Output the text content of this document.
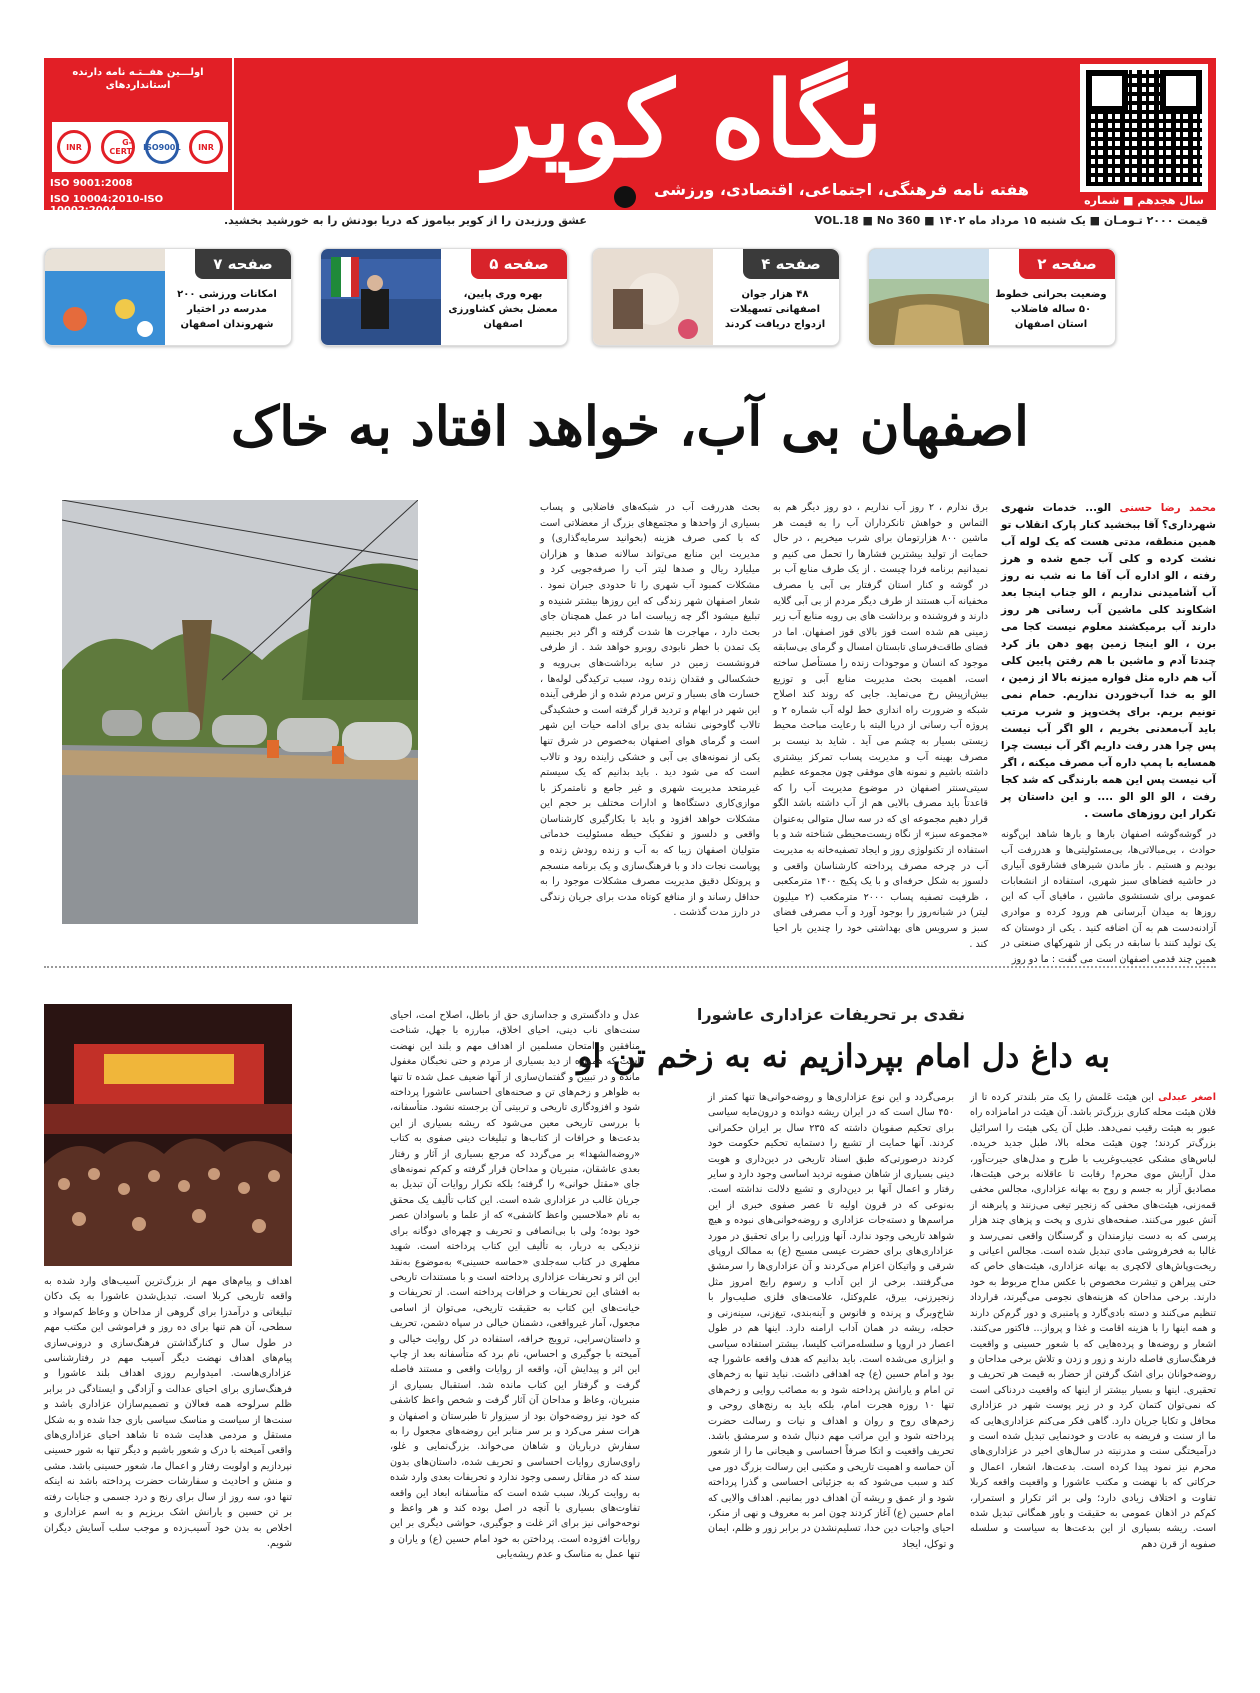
سال هجدهم ■ شماره ۳۶۰
نگاه کویر
هفته نامه فرهنگی، اجتماعی، اقتصادی، ورزشی
اولـــین هفــتـه نامه دارنده استانداردهای
INR
ISO9001
G-CERT
INR
ISO 9001:2008
ISO 10004:2010-ISO 10002:2004
قیمت ۲۰۰۰ تـومـان ■ یک شنبه ۱۵ مرداد ماه ۱۴۰۲ ■ VOL.18 ■ No 360
عشق ورزیدن را از کویر بیاموز که دریا بودنش را به خورشید بخشید.
صفحه ۲
وضعیت بحرانی خطوط ۵۰ ساله فاضلاب استان اصفهان
صفحه ۴
۴۸ هزار جوان اصفهانی تسهیلات ازدواج دریافت کردند
صفحه ۵
بهره وری پایین، معضل بخش کشاورزی اصفهان
صفحه ۷
امکانات ورزشی ۲۰۰ مدرسه در اختیار شهروندان اصفهان
اصفهان بی آب، خواهد افتاد به خاک

محمد رضا حسنی الو... خدمات شهری شهرداری؟ آقا ببخشید کنار پارک انقلاب تو همین منطقه، مدتی هست که یک لوله آب نشت کرده و کلی آب جمع شده و هرز رفته ، الو اداره آب آقا ما نه شب نه روز آب آشامیدنی نداریم ، الو جناب اینجا بعد اشکاوند کلی ماشین آب رسانی هر روز دارند آب برمیکشند معلوم نیست کجا می برن ، الو اینجا زمین پهو دهن باز کرد چندتا آدم و ماشین با هم رفتن پایین کلی آب هم داره مثل فواره میزنه بالا از زمین ، الو به خدا آب‌خوردن نداریم. حمام نمی تونیم بریم. برای پخت‌وپز و شرب مرتب باید آب‌معدنی بخریم ، الو اگر آب نیست پس چرا هدر رفت داریم اگر آب نیست چرا همسایه با پمپ داره آب مصرف میکنه ، اگر آب نیست پس این همه بارندگی که شد کجا رفت ، الو الو الو .... و این داستان پر تکرار این روزهای ماست .

در گوشه‌گوشه اصفهان بارها و بارها شاهد این‌گونه حوادث ، بی‌مبالاتی‌ها، بی‌مسئولیتی‌ها و هدررفت آب بودیم و هستیم . باز ماندن شیرهای فشارقوی آبیاری در حاشیه فضاهای سبز شهری، استفاده از انشعابات عمومی برای شستشوی ماشین ، مافیای آب که این روزها به میدان آبرسانی هم ورود کرده و موادری آزادنه‌دست هم به آن اضافه کنید . یکی از دوستان که یک تولید کنند با سابقه در یکی از شهرکهای صنعتی در همین چند قدمی اصفهان است می گفت : ما دو روز

برق ندارم ، ۲ روز آب نداریم ، دو روز دیگر هم به التماس و خواهش تانکرداران آب را به قیمت هر ماشین ۸۰۰ هزارتومان برای شرب میخریم ، در حال حمایت از تولید بیشترین فشارها را تحمل می کنیم و نمیدانیم برنامه فردا چیست . از یک طرف منابع آب بر در گوشه و کنار استان گرفتار بی آبی یا مصرف مخفیانه آب هستند از طرف دیگر مردم از بی آبی گلایه دارند و فروشنده و برداشت های بی رویه منابع آب زیر زمینی هم شده است قوز بالای قوز اصفهان. اما در فضای طاقت‌فرسای تابستان امسال و گرمای بی‌سابقه موجود که انسان و موجودات زنده را مستأصل ساخته است، اهمیت بحث مدیریت منابع آبی و توزیع بیش‌ازپیش رخ می‌نماید. جایی که روند کند اصلاح شبکه و ضرورت راه اندازی خط لوله آب شماره ۲ و پروژه آب رسانی از دریا البته با رعایت مباحث محیط زیستی بسیار به چشم می آید . شاید بد نیست بر مصرف بهینه آب و مدیریت پساب تمرکز بیشتری داشته باشیم و نمونه های موفقی چون مجموعه عظیم سیتی‌سنتر اصفهان در موضوع مدیریت آب را که قاعدتاً باید مصرف بالایی هم از آب داشته باشد الگو قرار دهیم مجموعه ای که در سه سال متوالی به‌عنوان «مجموعه سبز» از نگاه زیست‌محیطی شناخته شد و با استفاده از تکنولوژی روز و ایجاد تصفیه‌خانه به مدیریت آب در چرخه مصرف پرداخته کارشناسان واقعی و دلسوز به شکل حرفه‌ای و با یک پکیج ۱۴۰۰ مترمکعبی ، ظرفیت تصفیه پساب ۲۰۰۰ مترمکعب (۲ میلیون لیتر) در شبانه‌روز را بوجود آورد و آب مصرفی فضای سبز و سرویس های بهداشتی خود را چندین بار احیا کند .

بحث هدررفت آب در شبکه‌های فاضلابی و پساب بسیاری از واحدها و مجتمع‌های بزرگ از معضلاتی است که با کمی صرف هزینه (بخوانید سرمایه‌گذاری) و مدیریت این منابع می‌تواند سالانه صدها و هزاران میلیارد ریال و صدها لیتر آب را صرفه‌جویی کرد و مشکلات کمبود آب شهری را تا حدودی جبران نمود . شعار اصفهان شهر زندگی که این روزها بیشتر شنیده و تبلیغ میشود اگر چه زیباست اما در عمل همچنان جای بحث دارد ، مهاجرت ها شدت گرفته و اگر دیر بجنبیم یک تمدن با خطر نابودی روبرو خواهد شد . از طرفی فرونشست زمین در سایه برداشت‌های بی‌رویه و خشکسالی و فقدان زنده رود، سبب ترکیدگی لوله‌ها ، خسارت های بسیار و ترس مردم شده و از طرفی آینده این شهر در ابهام و تردید قرار گرفته است و خشکیدگی تالاب گاوخونی نشانه بدی برای ادامه حیات این شهر است و گرمای هوای اصفهان به‌خصوص در شرق تنها یکی از نمونه‌های بی آبی و خشکی زاینده رود و تالاب است که می شود دید . باید بدانیم که یک سیستم غیرمتحد مدیریت شهری و غیر جامع و نامتمرکز با موازی‌کاری دستگاه‌ها و ادارات مختلف بر حجم این مشکلات خواهد افزود و باید با بکارگیری کارشناسان واقعی و دلسوز و تفکیک حیطه مسئولیت خدماتی متولیان اصفهان زیبا که به آب و زنده رودش زنده و پویاست نجات داد و با فرهنگ‌سازی و یک برنامه منسجم و پروتکل دقیق مدیریت مصرف مشکلات موجود را به حداقل رساند و از منافع کوتاه مدت برای جریان زندگی در دارز مدت گذشت .

نقدی بر تحریفات عزاداری عاشورا
به داغ دل امام بپردازیم نه به زخم تن او

اصغر عبدلی این هیئت عَلمش را یک متر بلندتر کرده تا از فلان هیئت محله کناری بزرگ‌تر باشد. آن هیئت در امامزاده راه عبور به هیئت رقیب نمی‌دهد. طبل آن یکی هیئت را اسرائیل بزرگ‌تر کردند؛ چون هیئت محله بالا، طبل جدید خریده. لباس‌های مشکی عجیب‌وغریب با طرح و مدل‌های حیرت‌آور، مدل آرایش موی محرم! رقابت تا عاقلانه برخی هیئت‌ها، مصادیق آزار به جسم و روح به بهانه عزاداری، مجالس مخفی قمه‌زنی، هیئت‌های مخفی که زنجیر تیغی می‌زنند و پابرهنه از آتش عبور می‌کنند. صفحه‌های نذری و پخت و پزهای چند هزار پرسی که به دست نیازمندان و گرسنگان واقعی نمی‌رسد و غالبا به فخرفروشی مادی تبدیل شده است. مجالس اعیانی و ریخت‌وپاش‌های لاکچری به بهانه عزاداری، هیئت‌های خاص که حتی پیراهن و تیشرت مخصوص با عکس مداح مربوط به خود دارند. برخی مداحان که هزینه‌های نجومی می‌گیرند، قرارداد تنظیم می‌کنند و دسته بادی‌گارد و پامنبری و دور گرم‌کن دارند و همه اینها را با هزینه اقامت و غذا و پرواز... فاکتور می‌کنند. اشعار و روضه‌ها و پرده‌هایی که با شعور حسینی و واقعیت فرهنگ‌سازی فاصله دارند و زور و زدن و تلاش برخی مداحان و روضه‌خوانان برای اشک گرفتن از حضار به قیمت هر تحریف و تحقیری. اینها و بسیار بیشتر از اینها که واقعیت دردناکی است که نمی‌توان کتمان کرد و در زیر پوست شهر در عزاداری محافل و تکایا جریان دارد. گاهی فکر می‌کنم عزاداری‌هایی که ما از سنت و فریضه به عادت و خودنمایی تبدیل شده است و درآمیختگی سنت و مدرنیته در سال‌های اخیر در عزاداری‌های محرم نیز نمود پیدا کرده است. بدعت‌ها، اشعار، اعمال و حرکاتی که با نهضت و مکتب عاشورا و واقعیت واقعه کربلا تفاوت و اختلاف زیادی دارد؛ ولی بر اثر تکرار و استمرار، کم‌کم در اذهان عمومی به حقیقت و باور همگانی تبدیل شده است. ریشه بسیاری از این بدعت‌ها به سیاست و سلسله صفویه از قرن دهم

برمی‌گردد و این نوع عزاداری‌ها و روضه‌خوانی‌ها تنها کمتر از ۴۵۰ سال است که در ایران ریشه دوانده و درون‌مایه سیاسی برای تحکیم صفویان داشته که ۲۳۵ سال بر ایران حکمرانی کردند. آنها حمایت از تشیع را دستمایه تحکیم حکومت خود کردند درصورتی‌که طبق اسناد تاریخی در دین‌داری و هویت دینی بسیاری از شاهان صفویه تردید اساسی وجود دارد و سایر رفتار و اعمال آنها بر دین‌داری و تشیع دلالت نداشته است. به‌نوعی که در قرون اولیه تا عصر صفوی خبری از این مراسم‌ها و دسته‌جات عزاداری و روضه‌خوانی‌های نبوده و هیچ شواهد تاریخی وجود ندارد. آنها وزرایی را برای تحقیق در مورد عزاداری‌های برای حضرت عیسی مسیح (ع) به ممالک اروپای شرقی و واتیکان اعزام می‌کردند و آن عزاداری‌ها را سرمشق می‌گرفتند. برخی از این آداب و رسوم رایج امروز مثل زنجیرزنی، بیرق، علم‌وکتل، علامت‌های فلزی صلیب‌وار با شاخ‌وبرگ و پرنده و فانوس و آینه‌بندی، تیغ‌زنی، سینه‌زنی و حجله، ریشه در همان آداب ارامنه دارد. اینها هم در طول اعصار در اروپا و سلسله‌مراتب کلیسا، بیشتر استفاده سیاسی و ابزاری می‌شده است. باید بدانیم که هدف واقعه عاشورا چه بود و امام حسین (ع) چه اهدافی داشت. نباید تنها به زخم‌های تن امام و یارانش پرداخته شود و به مصائب روایی و زخم‌های تنها ۱۰ روزه هجرت امام، بلکه باید به رنج‌های روحی و زخم‌های روح و روان و اهداف و نیات و رسالت حضرت پرداخته شود و این مراتب مهم دنبال شده و سرمشق باشد. تحریف واقعیت و اتکا صرفاً احساسی و هیجانی ما را از شعور آن حماسه و اهمیت تاریخی و مکتبی این رسالت بزرگ دور می کند و سبب می‌شود که به جزئیاتی احساسی و گذرا پرداخته شود و از عمق و ریشه آن اهداف دور بمانیم. اهداف والایی که امام حسین (ع) آغاز کردند چون امر به معروف و نهی از منکر، احیای واجبات دین خدا، تسلیم‌نشدن در برابر زور و ظلم، ایمان و توکل، ایجاد

عدل و دادگستری و جداسازی حق از باطل، اصلاح امت، احیای سنت‌های ناب دینی، احیای اخلاق، مبارزه با جهل، شناخت منافقین و امتحان مسلمین از اهداف مهم و بلند این نهضت است که همواره از دید بسیاری از مردم و حتی نخبگان مغفول مانده و در تبیین و گفتمان‌سازی از آنها ضعیف عمل شده تا تنها به ظواهر و زخم‌های تن و صحنه‌های احساسی عاشورا پرداخته شود و افزودگاری تاریخی و تربیتی آن برجسته نشود. متأسفانه، با بررسی تاریخی معین می‌شود که ریشه بسیاری از این بدعت‌ها و خرافات از کتاب‌ها و تبلیغات دینی صفوی به کتاب «روضه‌الشهدا» بر می‌گردد که مرجع بسیاری از آثار و رفتار بعدی عاشقان، منبریان و مداحان قرار گرفته و کم‌کم نمونه‌های جای «مقتل خوانی» را گرفته؛ بلکه تکرار روایات آن تبدیل به جریان غالب در عزاداری شده است. این کتاب تألیف یک محقق به نام «ملاحسین واعظ کاشفی» که از علما و باسوادان عصر خود بوده؛ ولی با بی‌انصافی و تحریف و چهره‌ای دوگانه برای نزدیکی به دربار، به تألیف این کتاب پرداخته است. شهید مطهری در کتاب سه‌جلدی «حماسه حسینی» به‌موضوع به‌نقد این اثر و تحریفات عزاداری پرداخته است و با مستندات تاریخی به افشای این تحریفات و خرافات پرداخته است. از تحریفات و خیانت‌های این کتاب به حقیقت تاریخی، می‌توان از اسامی مجعول، آمار غیرواقعی، دشمنان خیالی در سپاه دشمن، تحریف و داستان‌سرایی، ترویج خرافه، استفاده در کل روایت خیالی و آمیخته با جوگیری و احساس، نام برد که متأسفانه بعد از چاپ این اثر و پیدایش آن، واقعه از روایات واقعی و مستند فاصله گرفت و گرفتار این کتاب مانده شد. استقبال بسیاری از منبریان، وعاظ و مداحان آن آثار گرفت و شخص واعظ کاشفی که خود نیز روضه‌خوان بود از سیزوار تا طبرستان و اصفهان و هرات سفر می‌کرد و بر سر منابر این روضه‌های مجعول را به سفارش درباریان و شاهان می‌خواند. بزرگ‌نمایی و غلو، راوی‌سازی روایات احساسی و تحریف شده، داستان‌های بدون سند که در مقاتل رسمی وجود ندارد و تحریفات بعدی وارد شده به روایت کربلا، سبب شده است که متأسفانه ابعاد این واقعه تفاوت‌های بسیاری با آنچه در اصل بوده کند و هر واعظ و نوحه‌خوانی نیز برای اثر غلت و جوگیری، حواشی دیگری بر این روایات افزوده است. پرداختن به خود امام حسین (ع) و یاران و تنها عمل به مناسک و عدم ریشه‌یابی

اهداف و پیام‌های مهم از بزرگ‌ترین آسیب‌های وارد شده به واقعه تاریخی کربلا است. تبدیل‌شدن عاشورا به یک دکان تبلیغاتی و درآمدزا برای گروهی از مداحان و وعاظ کم‌سواد و سطحی، آن هم تنها برای ده روز و فراموشی این مکتب مهم در طول سال و کنارگذاشتن فرهنگ‌سازی و درونی‌سازی پیام‌های اهداف نهضت دیگر آسیب مهم در رفتارشناسی عزاداری‌هاست. امیدواریم روزی اهداف بلند عاشورا و فرهنگ‌سازی برای احیای عدالت و آزادگی و ایستادگی در برابر ظلم سرلوحه همه فعالان و تصمیم‌سازان عزاداری باشد و سنت‌ها از سیاست و مناسک سیاسی بازی جدا شده و به شکل مستقل و مردمی هدایت شده تا شاهد احیای عزاداری‌های واقعی آمیخته با درک و شعور باشیم و دیگر تنها به شور حسینی نپردازیم و اولویت رفتار و اعمال ما، شعور حسینی باشد. مشی و منش و احادیث و سفارشات حضرت پرداخته باشد نه اینکه تنها دو، سه روز از سال برای رنج و درد جسمی و جنایات رفته بر تن حسین و یارانش اشک بریزیم و به اسم عزاداری و اخلاص به بدن خود آسیب‌زده و موجب سلب آسایش دیگران شویم.
